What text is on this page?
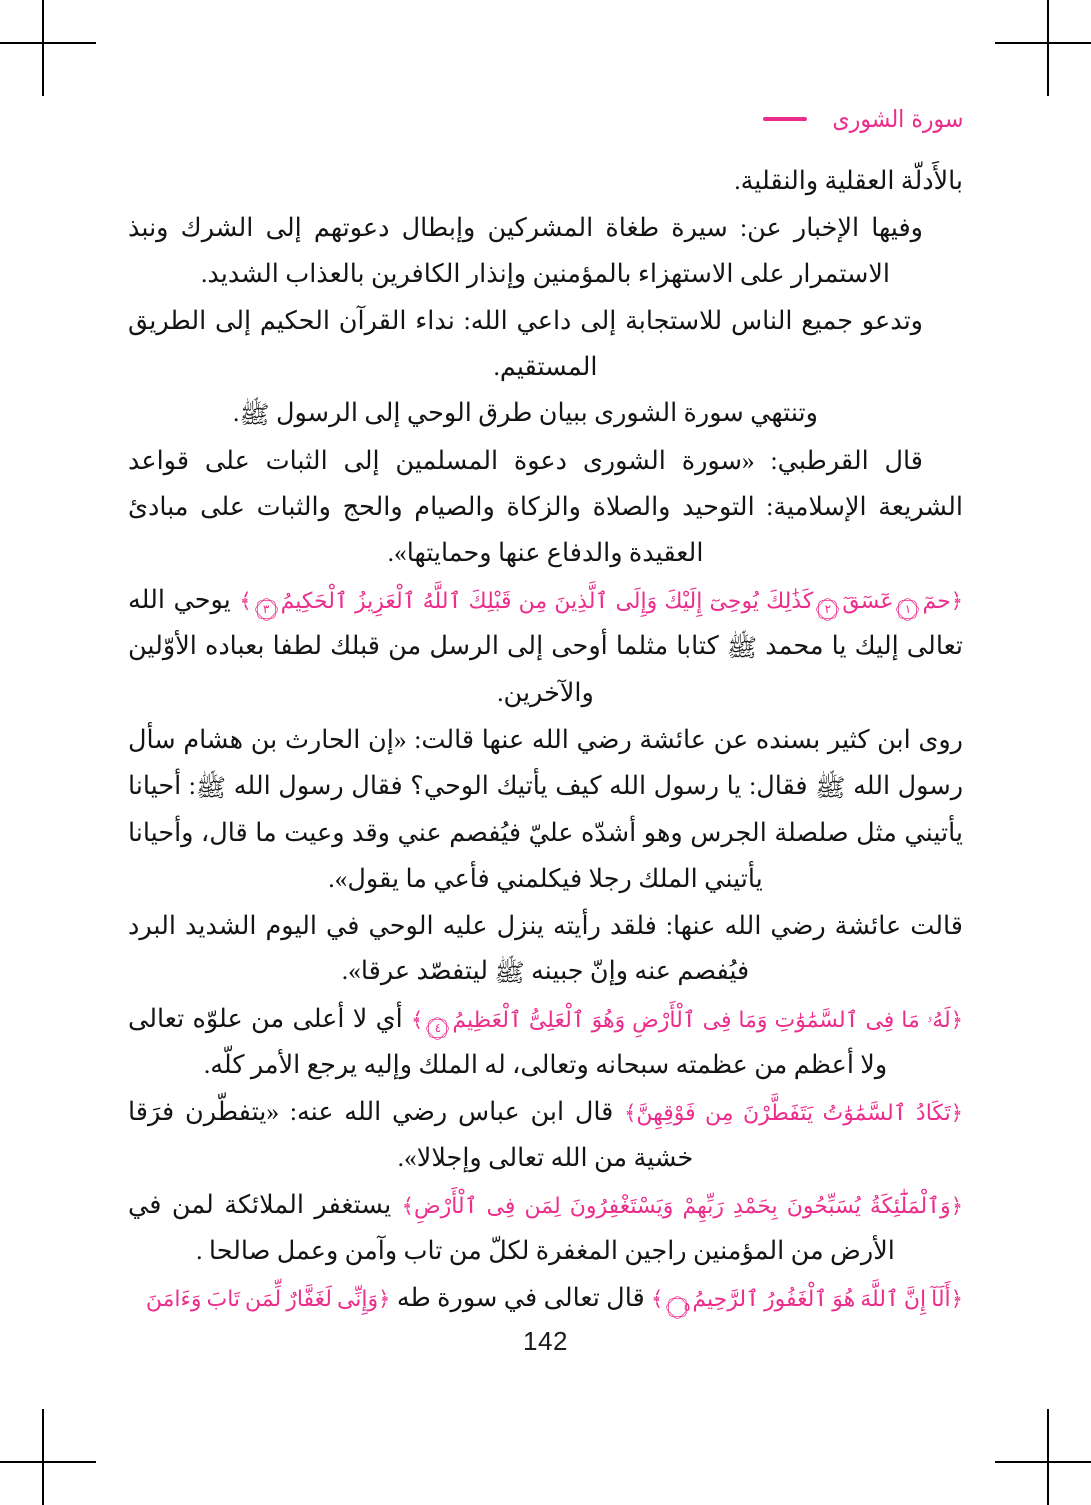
سورة الشورى

بالأَدلّة العقلية والنقلية.

وفيها الإخبار عن: سيرة طغاة المشركين وإبطال دعوتهم إلى الشرك ونبذ الاستمرار على الاستهزاء بالمؤمنين وإنذار الكافرين بالعذاب الشديد.

وتدعو جميع الناس للاستجابة إلى داعي الله: نداء القرآن الحكيم إلى الطريق المستقيم.

وتنتهي سورة الشورى ببيان طرق الوحي إلى الرسول ﷺ.

قال القرطبي: «سورة الشورى دعوة المسلمين إلى الثبات على قواعد الشريعة الإسلامية: التوحيد والصلاة والزكاة والصيام والحج والثبات على مبادئ العقيدة والدفاع عنها وحمايتها».

﴿حمٓ
١
عٓسٓقٓ
٢
كَذَٰلِكَ يُوحِىٓ إِلَيْكَ وَإِلَى ٱلَّذِينَ مِن قَبْلِكَ ٱللَّهُ ٱلْعَزِيزُ ٱلْحَكِيمُ
٣
﴾ يوحي الله تعالى إليك يا محمد ﷺ كتابا مثلما أوحى إلى الرسل من قبلك لطفا بعباده الأوّلين والآخرين.

روى ابن كثير بسنده عن عائشة رضي الله عنها قالت: «إن الحارث بن هشام سأل رسول الله ﷺ فقال: يا رسول الله كيف يأتيك الوحي؟ فقال رسول الله ﷺ: أحيانا يأتيني مثل صلصلة الجرس وهو أشدّه عليّ فيُفصم عني وقد وعيت ما قال، وأحيانا يأتيني الملك رجلا فيكلمني فأعي ما يقول».

قالت عائشة رضي الله عنها: فلقد رأيته ينزل عليه الوحي في اليوم الشديد البرد فيُفصم عنه وإنّ جبينه ﷺ ليتفصّد عرقا».

﴿لَهُۥ مَا فِى ٱلسَّمَٰوَٰتِ وَمَا فِى ٱلْأَرْضِ وَهُوَ ٱلْعَلِىُّ ٱلْعَظِيمُ
٤
﴾ أي لا أعلى من علوّه تعالى ولا أعظم من عظمته سبحانه وتعالى، له الملك وإليه يرجع الأمر كلّه.

﴿تَكَادُ ٱلسَّمَٰوَٰتُ يَتَفَطَّرْنَ مِن فَوْقِهِنَّ﴾ قال ابن عباس رضي الله عنه: «يتفطّرن فرَقا خشية من الله تعالى وإجلالا».

﴿وَٱلْمَلَٰٓئِكَةُ يُسَبِّحُونَ بِحَمْدِ رَبِّهِمْ وَيَسْتَغْفِرُونَ لِمَن فِى ٱلْأَرْضِ﴾ يستغفر الملائكة لمن في الأرض من المؤمنين راجين المغفرة لكلّ من تاب وآمن وعمل صالحا .

﴿أَلَآ إِنَّ ٱللَّهَ هُوَ ٱلْغَفُورُ ٱلرَّحِيمُ
٥
﴾ قال تعالى في سورة طه ﴿وَإِنِّى لَغَفَّارٌ لِّمَن تَابَ وَءَامَنَ

142
